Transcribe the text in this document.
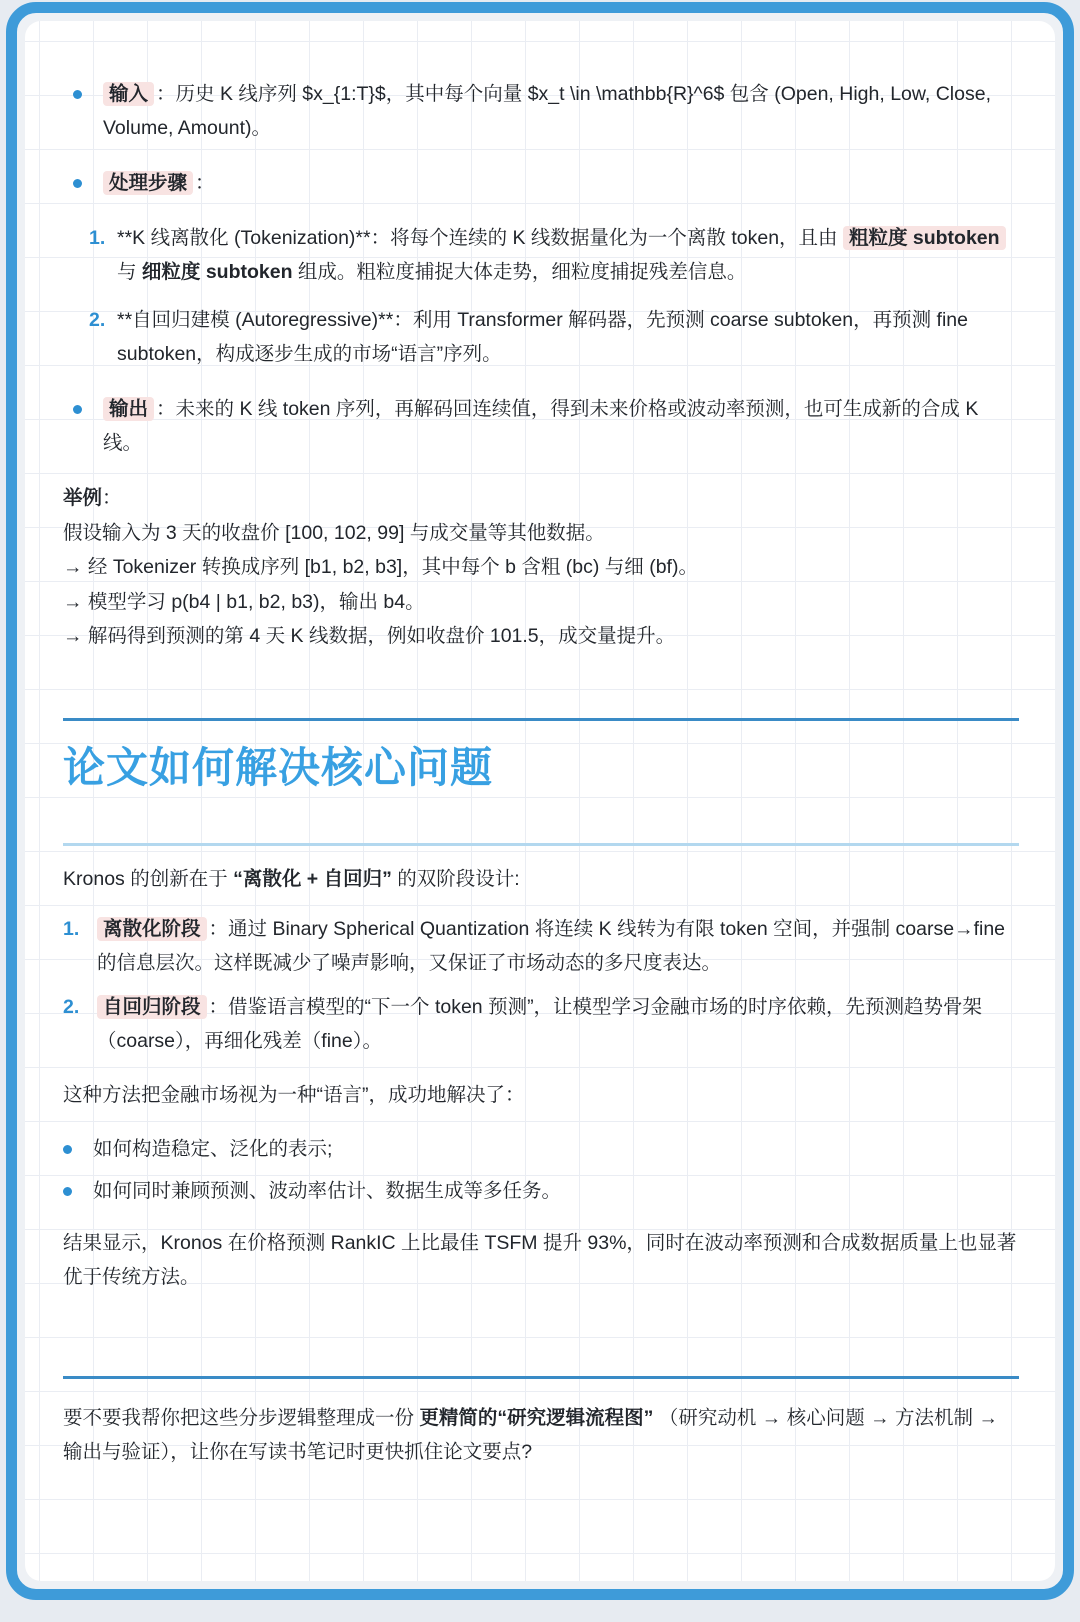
输入 ：历史 K 线序列 $x_{1:T}$，其中每个向量 $x_t \in \mathbb{R}^6$ 包含 (Open, High, Low, Close, Volume, Amount)。
处理步骤 ：
1. **K 线离散化 (Tokenization)**：将每个连续的 K 线数据量化为一个离散 token，且由 粗粒度 subtoken 与 细粒度 subtoken 组成。粗粒度捕捉大体走势，细粒度捕捉残差信息。
2. **自回归建模 (Autoregressive)**：利用 Transformer 解码器，先预测 coarse subtoken，再预测 fine subtoken，构成逐步生成的市场“语言”序列。
输出 ：未来的 K 线 token 序列，再解码回连续值，得到未来价格或波动率预测，也可生成新的合成 K 线。
举例：
假设输入为 3 天的收盘价 [100, 102, 99] 与成交量等其他数据。
→ 经 Tokenizer 转换成序列 [b1, b2, b3]，其中每个 b 含粗 (bc) 与细 (bf)。
→ 模型学习 p(b4 | b1, b2, b3)，输出 b4。
→ 解码得到预测的第 4 天 K 线数据，例如收盘价 101.5，成交量提升。
论文如何解决核心问题
Kronos 的创新在于 “离散化 + 自回归” 的双阶段设计:
1. 离散化阶段 ：通过 Binary Spherical Quantization 将连续 K 线转为有限 token 空间，并强制 coarse→fine 的信息层次。这样既减少了噪声影响，又保证了市场动态的多尺度表达。
2. 自回归阶段 ：借鉴语言模型的“下一个 token 预测”，让模型学习金融市场的时序依赖，先预测趋势骨架（coarse），再细化残差（fine）。
这种方法把金融市场视为一种“语言”，成功地解决了：
如何构造稳定、泛化的表示;
如何同时兼顾预测、波动率估计、数据生成等多任务。
结果显示，Kronos 在价格预测 RankIC 上比最佳 TSFM 提升 93%，同时在波动率预测和合成数据质量上也显著优于传统方法。
要不要我帮你把这些分步逻辑整理成一份 更精简的“研究逻辑流程图” （研究动机 → 核心问题 → 方法机制 → 输出与验证），让你在写读书笔记时更快抓住论文要点?
